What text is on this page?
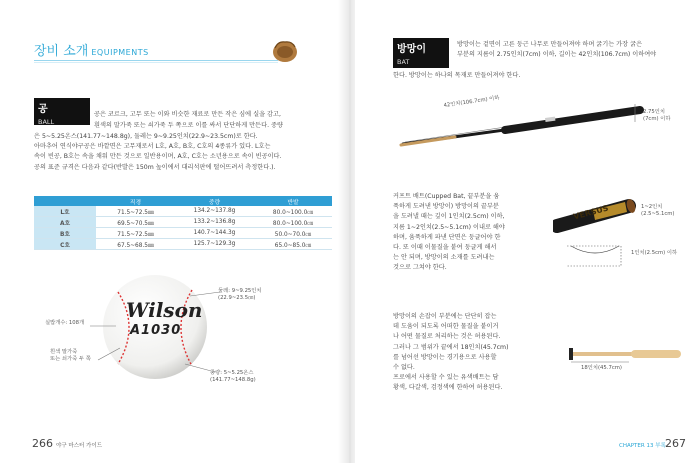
장비 소개 EQUIPMENTS
공
BALL
공은 코르크, 고무 또는 이와 비슷한 재료로 만든 작은 심에 실을 감고,
흰색의 말가죽 또는 쇠가죽 두 쪽으로 이를 싸서 단단하게 만든다. 중량
은 5~5.25온스(141.77~148.8g), 둘레는 9~9.25인치(22.9~23.5cm)로 한다.
아마추어 연식야구공은 바깥면은 고무재로서 L호, A호, B호, C호의 4종류가 있다. L호는
속이 빈공, B호는 속을 채워 만든 것으로 일반용이며, A호, C호는 소년용으로 속이 빈공이다.
공의 표준 규격은 다음과 같다(반발은 150m 높이에서 대리석판에 떨어뜨려서 측정한다.).
	직경	중량	반발
L호	71.5~72.5㎜	134.2~137.8g	80.0~100.0㎝
A호	69.5~70.5㎜	133.2~136.8g	80.0~100.0㎝
B호	71.5~72.5㎜	140.7~144.3g	50.0~70.0㎝
C호	67.5~68.5㎜	125.7~129.3g	65.0~85.0㎝
Wilson
A1030
실밥개수: 108개
흰색 말가죽
또는 쇠가죽 두 쪽
둘레: 9~9.25인치
(22.9~23.5㎝)
중량: 5~5.25온스
(141.77~148.8g)
266 야구 마스터 가이드
방망이
BAT
방망이는 겉면이 고른 둥근 나무로 만들어져야 하며 굵기는 가장 굵은
부분의 지름이 2.75인치(7cm) 이하, 길이는 42인치(106.7cm) 이하여야
한다. 방망이는 하나의 목재로 만들어져야 한다.
42인치(106.7cm) 이하
2.75인치
(7cm) 이하
커프트 배트(Cupped Bat, 끝부분을 움
푹하게 도려낸 방망이) 방망이의 끝부분
을 도려낼 때는 깊이 1인치(2.5cm) 이하,
지름 1~2인치(2.5~5.1cm) 이내로 해야
하며, 움푹하게 파낸 단면은 둥글어야 한
다. 또 이때 이물질을 붙여 둥글게 해서
는 안 되며, 방망이의 소재를 도려내는
것으로 그쳐야 한다.
VERSUS	1~2인치
(2.5~5.1cm)
1인치(2.5cm) 이하
방망이의 손잡이 부분에는 단단히 잡는
데 도움이 되도록 어떠한 물질을 붙이거
나 어떤 물질로 처리하는 것은 허용된다.
그러나 그 범위가 끝에서 18인치(45.7cm)
를 넘어선 방망이는 경기용으로 사용할
수 없다.
프로에서 사용할 수 있는 유색배트는 담
황색, 다갈색, 검정색에 한하여 허용된다.
18인치(45.7cm)
CHAPTER 13 부록 267
